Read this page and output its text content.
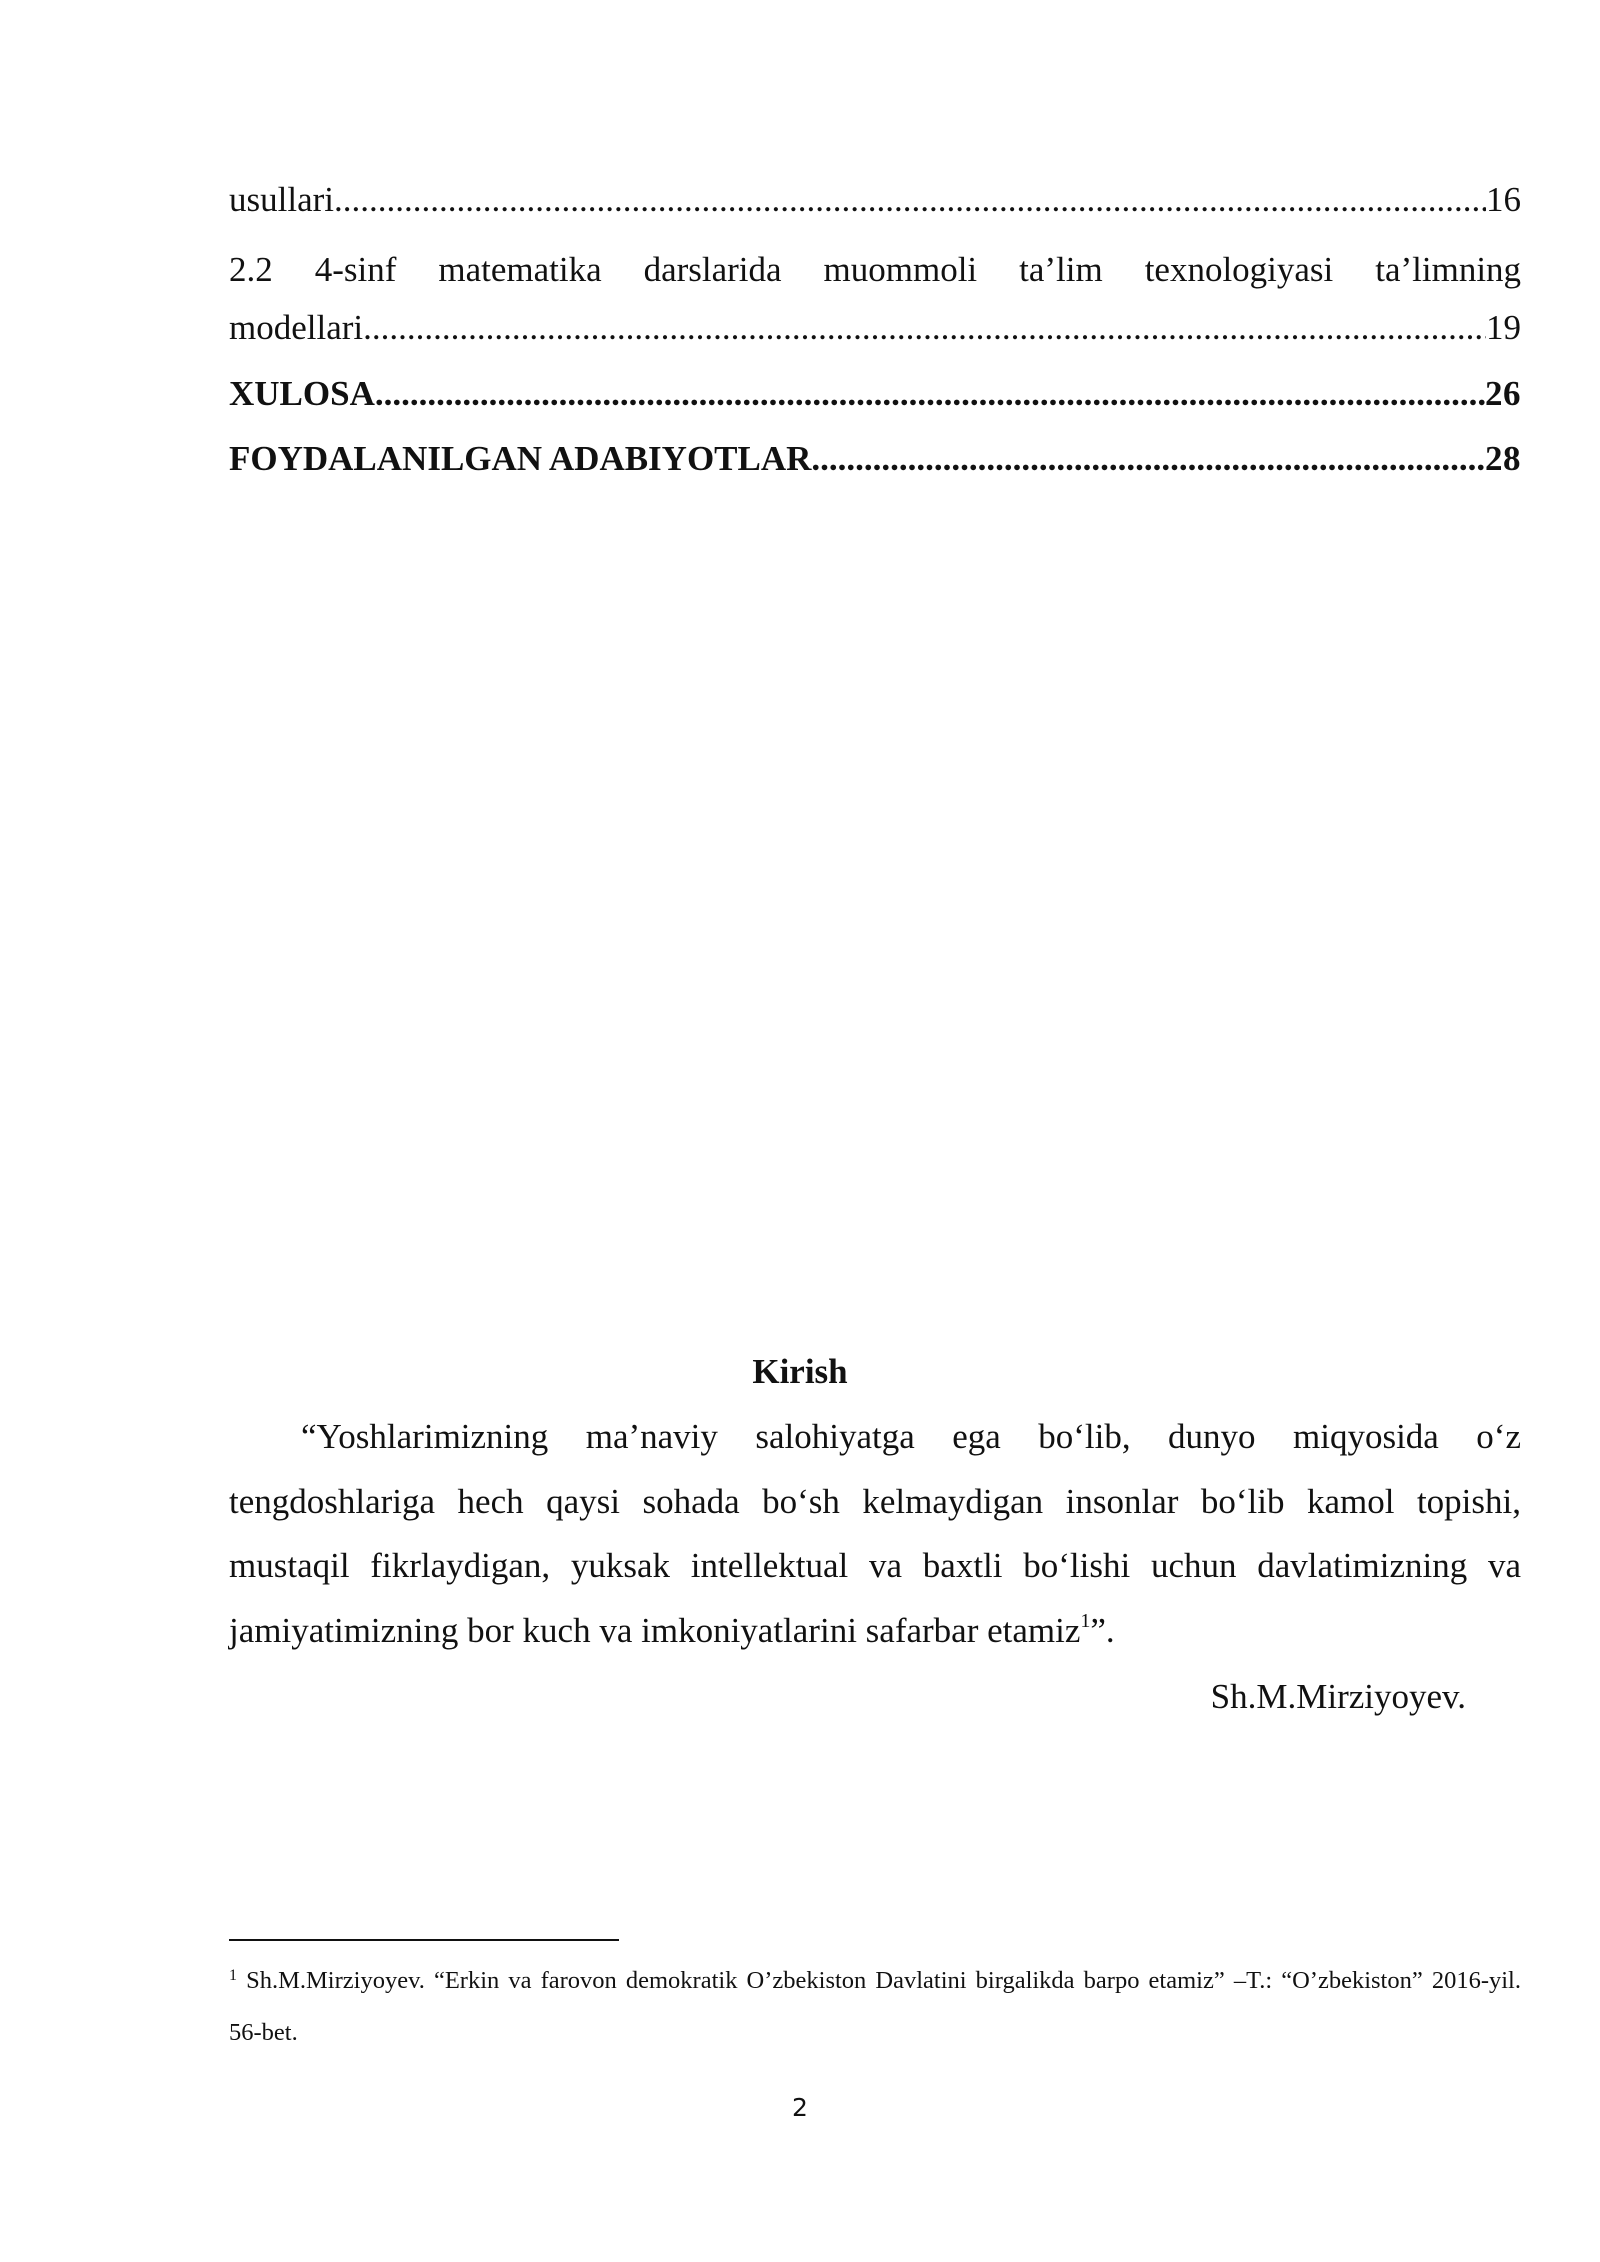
usullari .....	16
2.2 4-sinf matematika darslarida muommoli ta’lim texnologiyasi ta’limning
modellari .....	19
XULOSA .....	26
FOYDALANILGAN ADABIYOTLAR .....	28
Kirish

“Yoshlarimizning ma’naviy salohiyatga ega bo‘lib, dunyo miqyosida o‘z tengdoshlariga hech qaysi sohada bo‘sh kelmaydigan insonlar bo‘lib kamol topishi, mustaqil fikrlaydigan, yuksak intellektual va baxtli bo‘lishi uchun davlatimizning va jamiyatimizning bor kuch va imkoniyatlarini safarbar etamiz$^1$”.

Sh.M.Mirziyoyev.

$^1$ Sh.M.Mirziyoyev. “Erkin va farovon demokratik O’zbekiston Davlatini birgalikda barpo etamiz” –T.: “O’zbekiston” 2016-yil. 56-bet.

2
